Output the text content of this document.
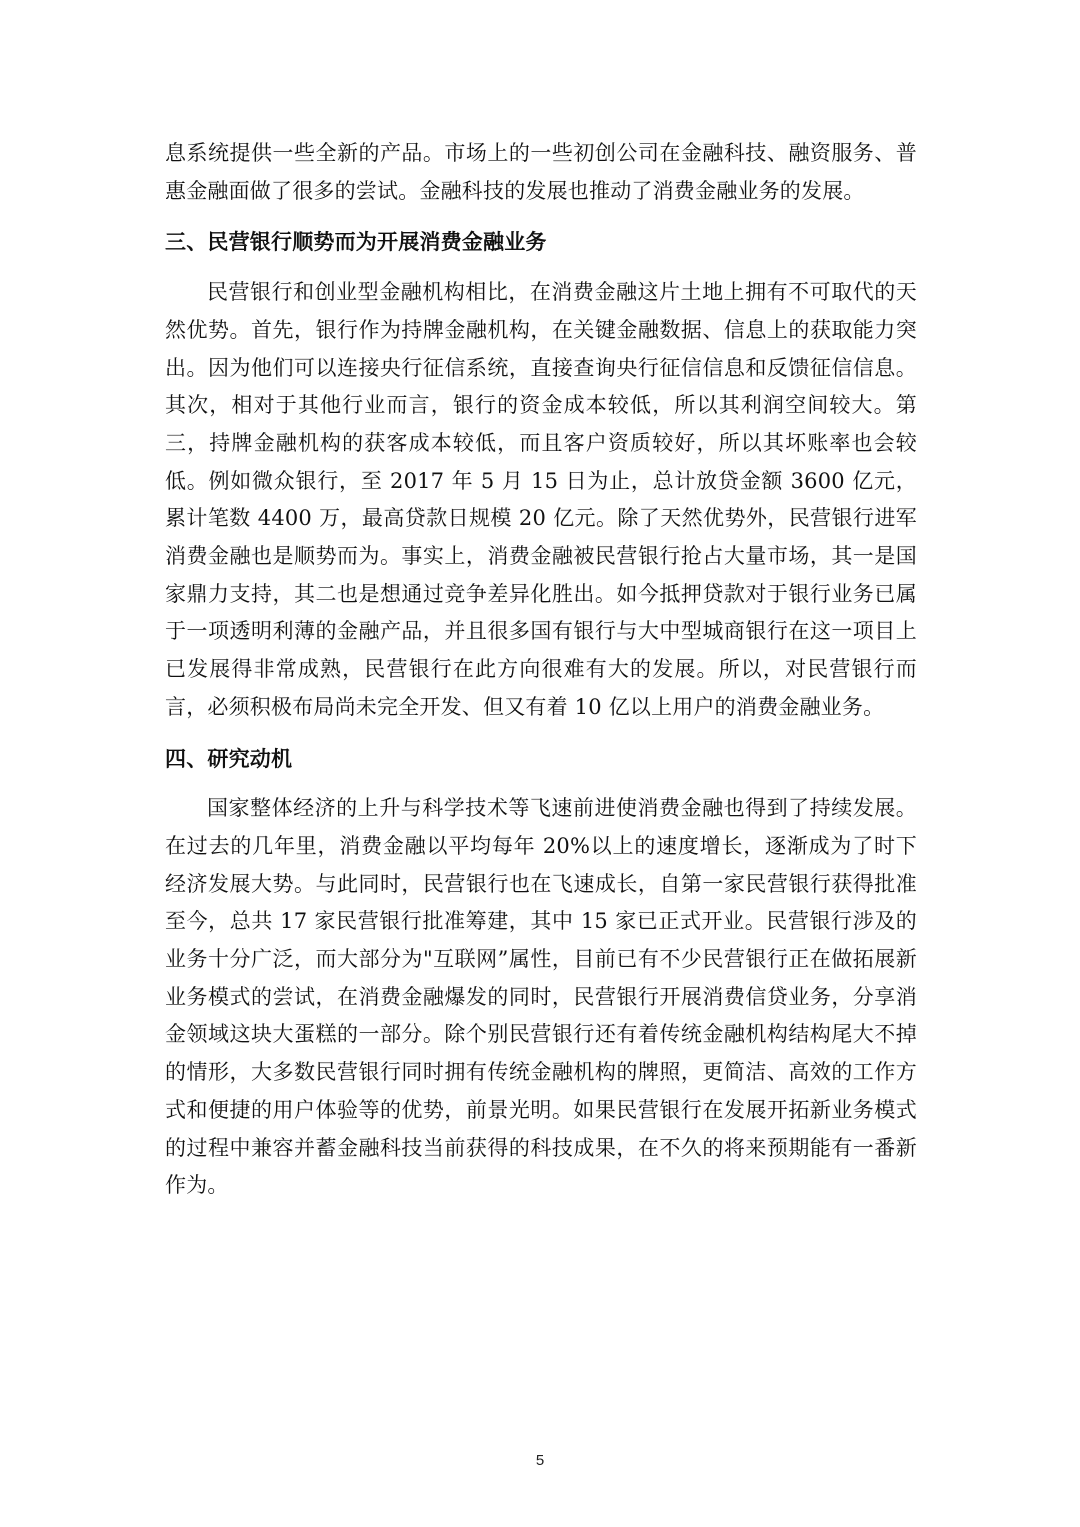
息系统提供一些全新的产品。市场上的一些初创公司在金融科技、融资服务、普惠金融面做了很多的尝试。金融科技的发展也推动了消费金融业务的发展。

三、民营银行顺势而为开展消费金融业务

民营银行和创业型金融机构相比，在消费金融这片土地上拥有不可取代的天然优势。首先，银行作为持牌金融机构，在关键金融数据、信息上的获取能力突出。因为他们可以连接央行征信系统，直接查询央行征信信息和反馈征信信息。其次，相对于其他行业而言，银行的资金成本较低，所以其利润空间较大。第三，持牌金融机构的获客成本较低，而且客户资质较好，所以其坏账率也会较低。例如微众银行，至 2017 年 5 月 15 日为止，总计放贷金额 3600 亿元，累计笔数 4400 万，最高贷款日规模 20 亿元。除了天然优势外，民营银行进军消费金融也是顺势而为。事实上，消费金融被民营银行抢占大量市场，其一是国家鼎力支持，其二也是想通过竞争差异化胜出。如今抵押贷款对于银行业务已属于一项透明利薄的金融产品，并且很多国有银行与大中型城商银行在这一项目上已发展得非常成熟，民营银行在此方向很难有大的发展。所以，对民营银行而言，必须积极布局尚未完全开发、但又有着 10 亿以上用户的消费金融业务。

四、研究动机

国家整体经济的上升与科学技术等飞速前进使消费金融也得到了持续发展。在过去的几年里，消费金融以平均每年 20%以上的速度增长，逐渐成为了时下经济发展大势。与此同时，民营银行也在飞速成长，自第一家民营银行获得批准至今，总共 17 家民营银行批准筹建，其中 15 家已正式开业。民营银行涉及的业务十分广泛，而大部分为"互联网”属性，目前已有不少民营银行正在做拓展新业务模式的尝试，在消费金融爆发的同时，民营银行开展消费信贷业务，分享消金领域这块大蛋糕的一部分。除个别民营银行还有着传统金融机构结构尾大不掉的情形，大多数民营银行同时拥有传统金融机构的牌照，更简洁、高效的工作方式和便捷的用户体验等的优势，前景光明。如果民营银行在发展开拓新业务模式的过程中兼容并蓄金融科技当前获得的科技成果，在不久的将来预期能有一番新作为。

5
